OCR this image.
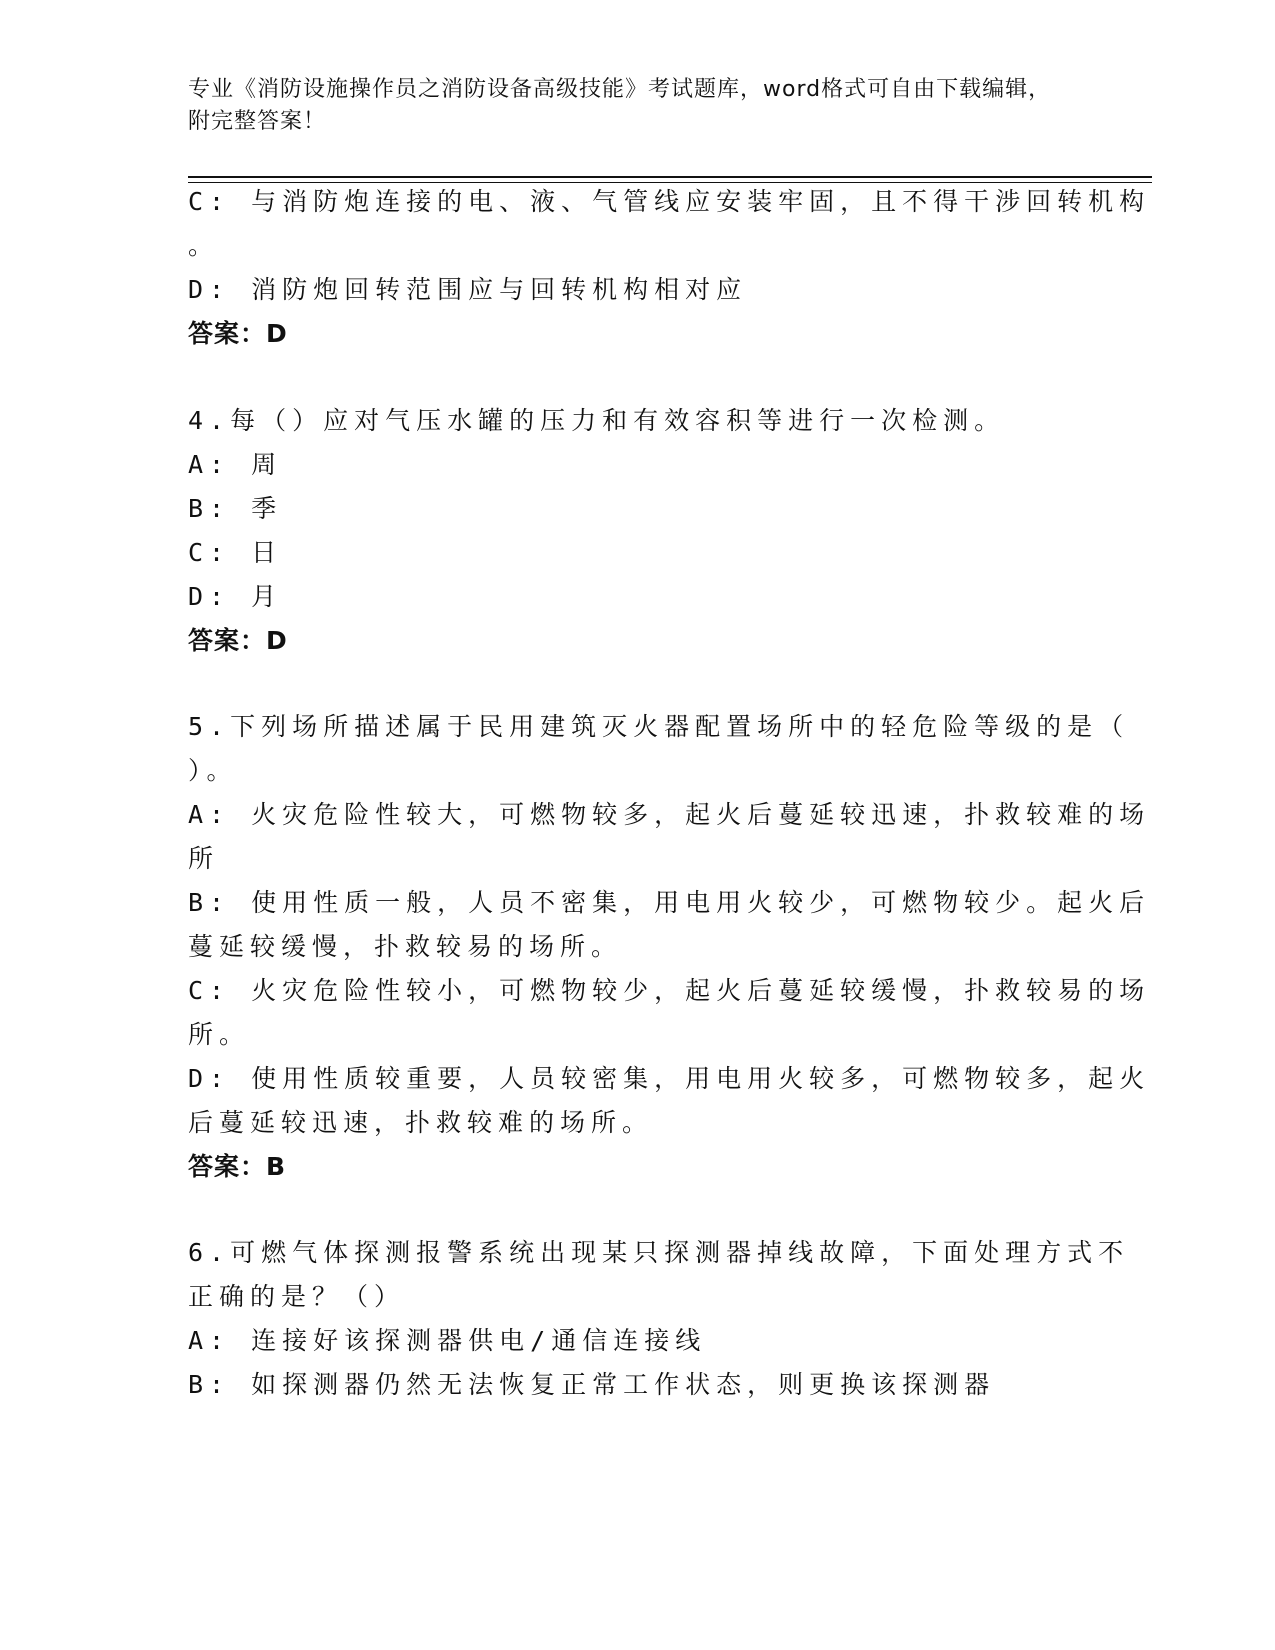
专业《消防设施操作员之消防设备高级技能》考试题库，word格式可自由下载编辑，附完整答案！
C: 与消防炮连接的电、液、气管线应安装牢固，且不得干涉回转机构
。
D: 消防炮回转范围应与回转机构相对应
答案：D
4.每（）应对气压水罐的压力和有效容积等进行一次检测。
A: 周
B: 季
C: 日
D: 月
答案：D
5.下列场所描述属于民用建筑灭火器配置场所中的轻危险等级的是（
）。
A: 火灾危险性较大，可燃物较多，起火后蔓延较迅速，扑救较难的场
所
B: 使用性质一般，人员不密集，用电用火较少，可燃物较少。起火后
蔓延较缓慢，扑救较易的场所。
C: 火灾危险性较小，可燃物较少，起火后蔓延较缓慢，扑救较易的场
所。
D: 使用性质较重要，人员较密集，用电用火较多，可燃物较多，起火
后蔓延较迅速，扑救较难的场所。
答案：B
6.可燃气体探测报警系统出现某只探测器掉线故障，下面处理方式不
正确的是？（）
A: 连接好该探测器供电/通信连接线
B: 如探测器仍然无法恢复正常工作状态，则更换该探测器
